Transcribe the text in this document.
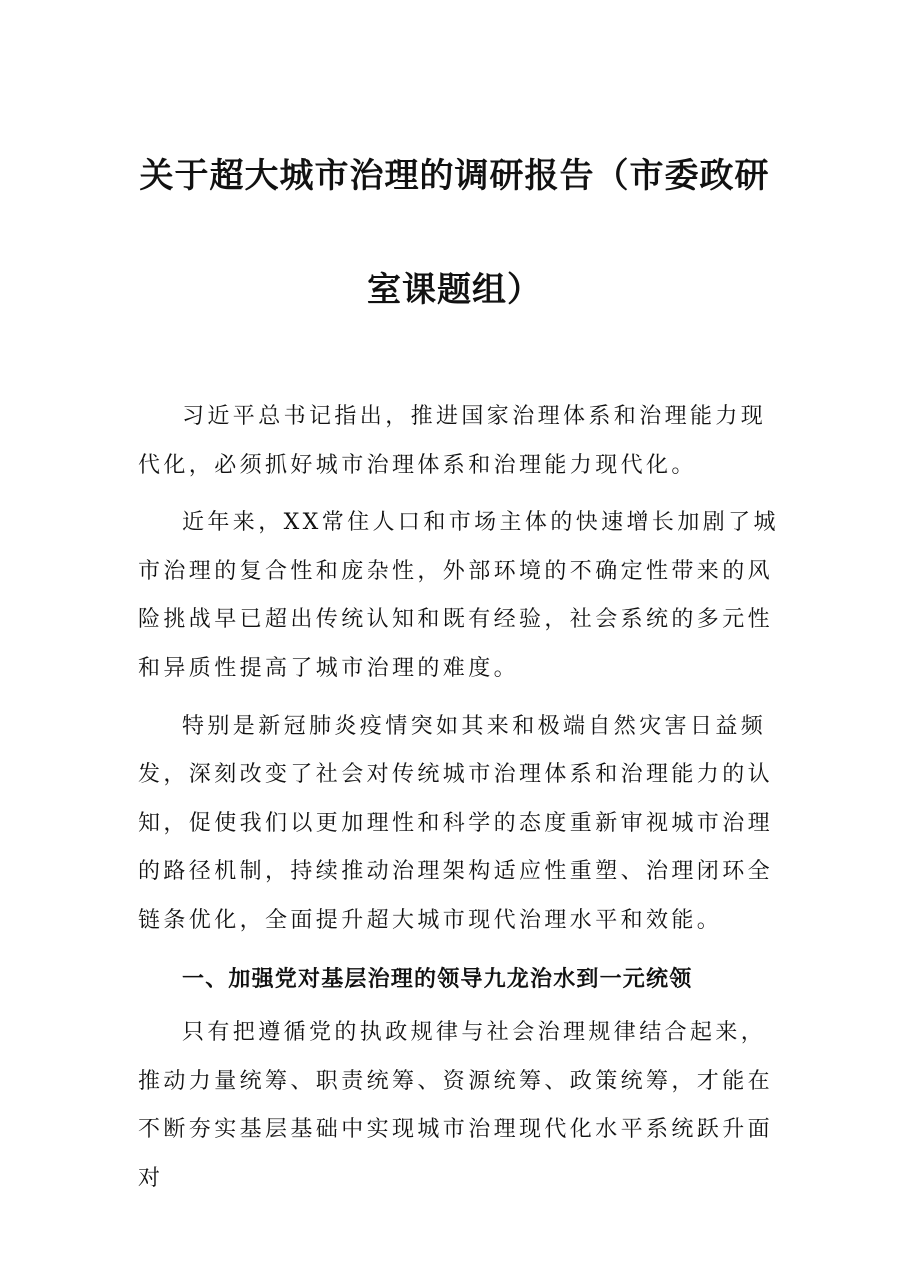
关于超大城市治理的调研报告（市委政研
室课题组）

习近平总书记指出，推进国家治理体系和治理能力现代化，必须抓好城市治理体系和治理能力现代化。

近年来，XX常住人口和市场主体的快速增长加剧了城市治理的复合性和庞杂性，外部环境的不确定性带来的风险挑战早已超出传统认知和既有经验，社会系统的多元性和异质性提高了城市治理的难度。

特别是新冠肺炎疫情突如其来和极端自然灾害日益频发，深刻改变了社会对传统城市治理体系和治理能力的认知，促使我们以更加理性和科学的态度重新审视城市治理的路径机制，持续推动治理架构适应性重塑、治理闭环全链条优化，全面提升超大城市现代治理水平和效能。

一、加强党对基层治理的领导九龙治水到一元统领

只有把遵循党的执政规律与社会治理规律结合起来，推动力量统筹、职责统筹、资源统筹、政策统筹，才能在不断夯实基层基础中实现城市治理现代化水平系统跃升面对
